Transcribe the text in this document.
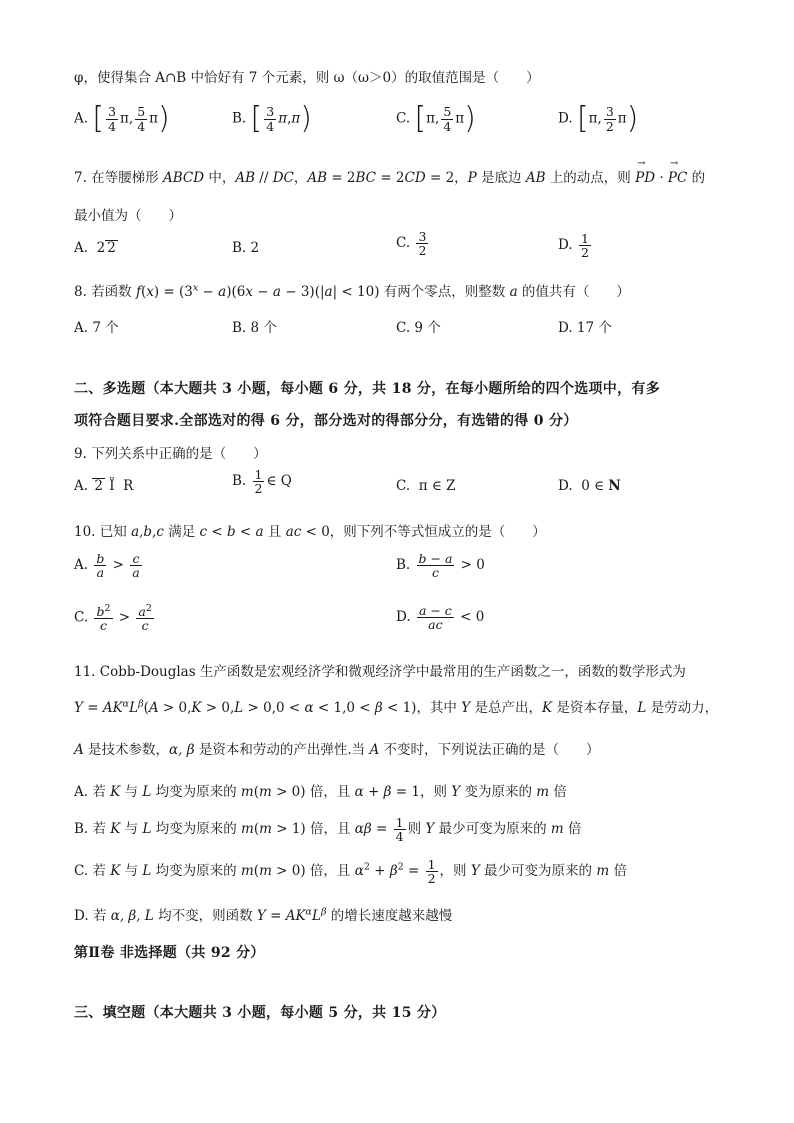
φ，使得集合 A∩B 中恰好有 7 个元素，则 ω（ω＞0）的取值范围是（　　）
A. [ $\frac{3}{4} \pi$, $\frac{5}{4} \pi$)	B. [ $\frac{3}{4} \pi,\pi$)	C. [π, $\frac{5}{4} \pi$)	D. [π, $\frac{3}{2} \pi$)
7. 在等腰梯形 ABCD 中，AB // DC，AB = 2BC = 2CD = 2，P 是底边 AB 上的动点，则 → PD · → PC 的
最小值为（　　）
A.  2 2	B. 2	C. $\frac{3}{2}$	D. $\frac{1}{2}$
8. 若函数 $f(x) = (3^x - a)(6x - a - 3)(|a| < 10)$ 有两个零点，则整数 a 的值共有（　　）
A. 7 个	B. 8 个	C. 9 个	D. 17 个
二、多选题（本大题共 3 小题，每小题 6 分，共 18 分，在每小题所给的四个选项中，有多
项符合题目要求.全部选对的得 6 分，部分选对的得部分分，有选错的得 0 分）
9. 下列关系中正确的是（　　）
A. 2 Ï  R	B. $\frac{1}{2}$ ∈ Q	C.  π ∈ Z	D.  0 ∈ N
10. 已知 a,b,c 满足 c < b < a 且 ac < 0，则下列不等式恒成立的是（　　）
A. $\frac{b}{a} > \frac{c}{a}$	B. $\frac{b - a}{c} > 0$
C. $\frac{b^2}{c} > \frac{a^2}{c}$	D. $\frac{a - c}{ac} < 0$
11. Cobb-Douglas 生产函数是宏观经济学和微观经济学中最常用的生产函数之一，函数的数学形式为
$Y = AK^\alpha L^\beta(A > 0,K > 0,L > 0,0 < \alpha < 1,0 < \beta < 1)$，其中 Y 是总产出，K 是资本存量，L 是劳动力，
A 是技术参数，α, β 是资本和劳动的产出弹性.当 A 不变时，下列说法正确的是（　　）
A. 若 K 与 L 均变为原来的 m(m > 0) 倍，且 α + β = 1，则 Y 变为原来的 m 倍
B. 若 K 与 L 均变为原来的 m(m > 1) 倍，且 $\alpha\beta = \frac{1}{4}$ 则 Y 最少可变为原来的 m 倍
C. 若 K 与 L 均变为原来的 m(m > 0) 倍，且 $\alpha^2 + \beta^2 = \frac{1}{2}$ ，则 Y 最少可变为原来的 m 倍
D. 若 α, β, L 均不变，则函数 $Y = AK^\alpha L^\beta$ 的增长速度越来越慢
第Ⅱ卷 非选择题（共 92 分）
三、填空题（本大题共 3 小题，每小题 5 分，共 15 分）
